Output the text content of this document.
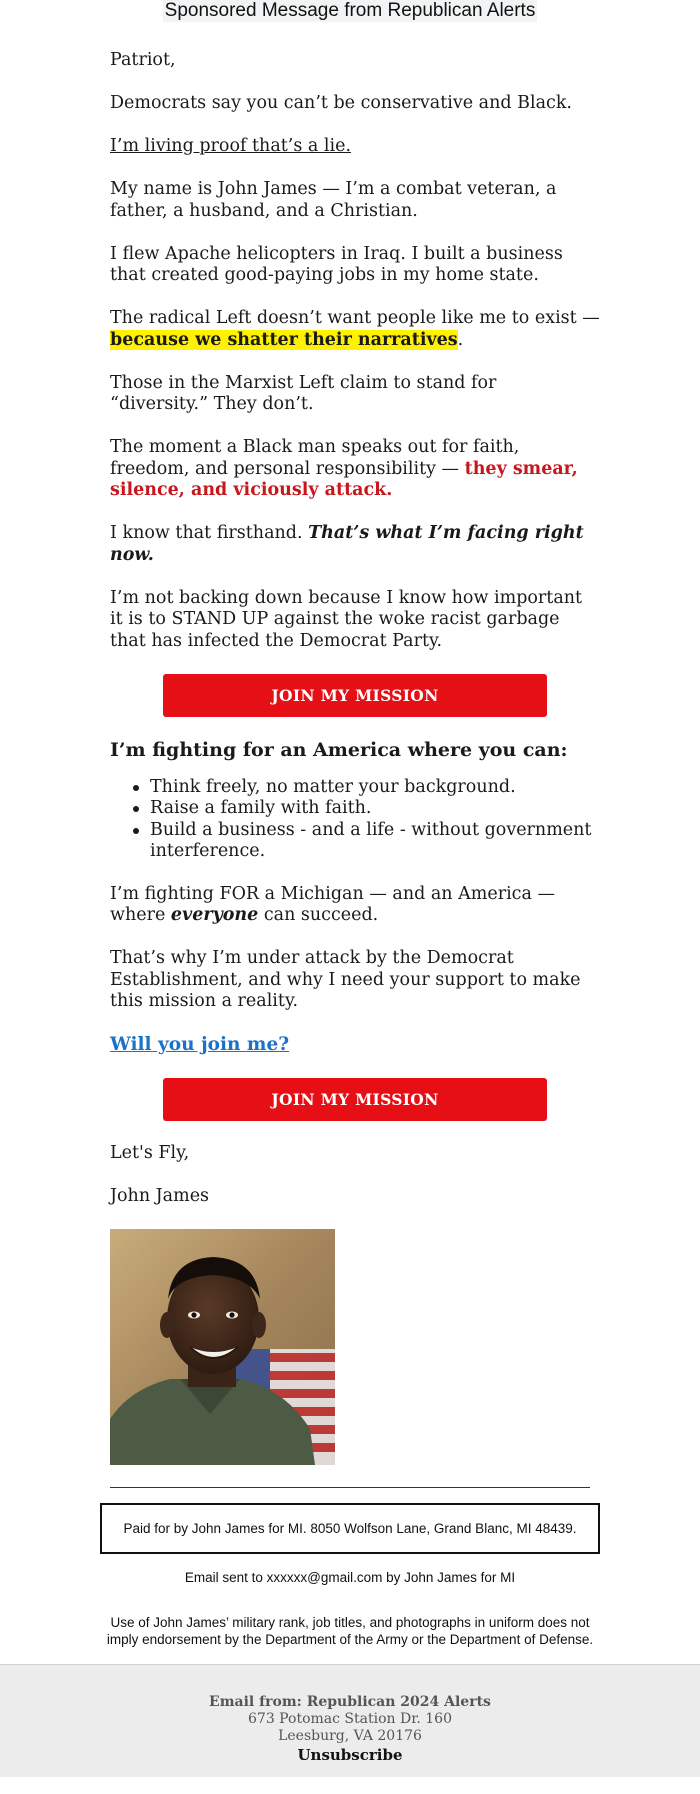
Sponsored Message from Republican Alerts

Patriot,

Democrats say you can’t be conservative and Black.

I’m living proof that’s a lie.

My name is John James — I’m a combat veteran, a father, a husband, and a Christian.

I flew Apache helicopters in Iraq. I built a business that created good-paying jobs in my home state.

The radical Left doesn’t want people like me to exist — because we shatter their narratives.

Those in the Marxist Left claim to stand for “diversity.” They don’t.

The moment a Black man speaks out for faith, freedom, and personal responsibility — they smear, silence, and viciously attack.

I know that firsthand. That’s what I’m facing right now.

I’m not backing down because I know how important it is to STAND UP against the woke racist garbage that has infected the Democrat Party.

JOIN MY MISSION
I’m fighting for an America where you can:
Think freely, no matter your background.
Raise a family with faith.
Build a business - and a life - without government interference.

I’m fighting FOR a Michigan — and an America — where everyone can succeed.

That’s why I’m under attack by the Democrat Establishment, and why I need your support to make this mission a reality.

Will you join me?

JOIN MY MISSION

Let's Fly,

John James

Paid for by John James for MI. 8050 Wolfson Lane, Grand Blanc, MI 48439.

Email sent to xxxxxx@gmail.com by John James for MI

Use of John James’ military rank, job titles, and photographs in uniform does not imply endorsement by the Department of the Army or the Department of Defense.

Email from: Republican 2024 Alerts
673 Potomac Station Dr. 160
Leesburg, VA 20176
Unsubscribe
